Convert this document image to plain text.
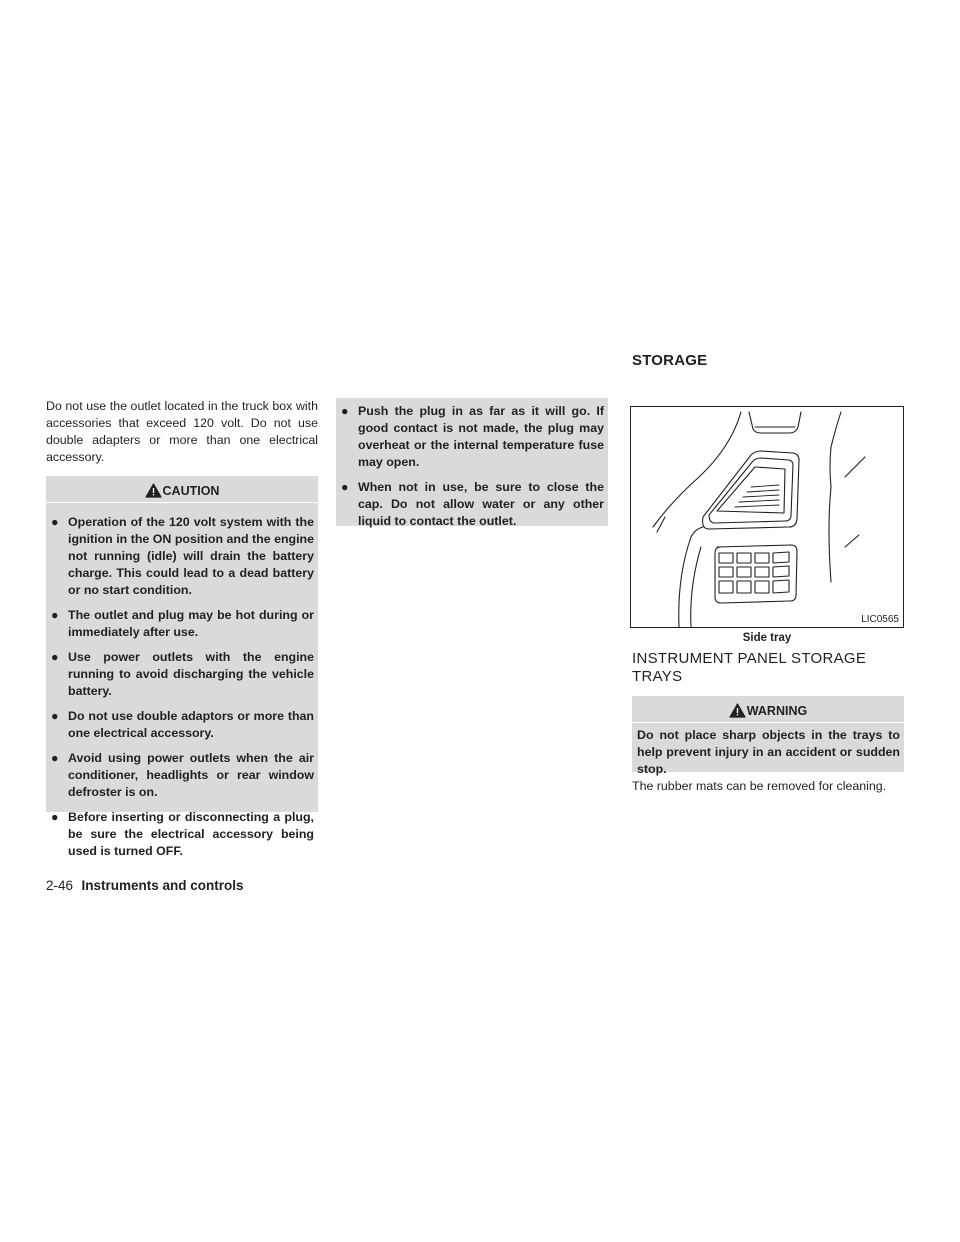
Do not use the outlet located in the truck box with accessories that exceed 120 volt. Do not use double adapters or more than one electrical accessory.

CAUTION
● Operation of the 120 volt system with the ignition in the ON position and the engine not running (idle) will drain the battery charge. This could lead to a dead battery or no start condition.
● The outlet and plug may be hot during or immediately after use.
● Use power outlets with the engine running to avoid discharging the vehicle battery.
● Do not use double adaptors or more than one electrical accessory.
● Avoid using power outlets when the air conditioner, headlights or rear window defroster is on.
● Before inserting or disconnecting a plug, be sure the electrical accessory being used is turned OFF.
● Push the plug in as far as it will go. If good contact is not made, the plug may overheat or the internal temperature fuse may open.
● When not in use, be sure to close the cap. Do not allow water or any other liquid to contact the outlet.
STORAGE
LIC0565
Side tray
INSTRUMENT PANEL STORAGE TRAYS
WARNING
Do not place sharp objects in the trays to help prevent injury in an accident or sudden stop.

The rubber mats can be removed for cleaning.

2-46 Instruments and controls
